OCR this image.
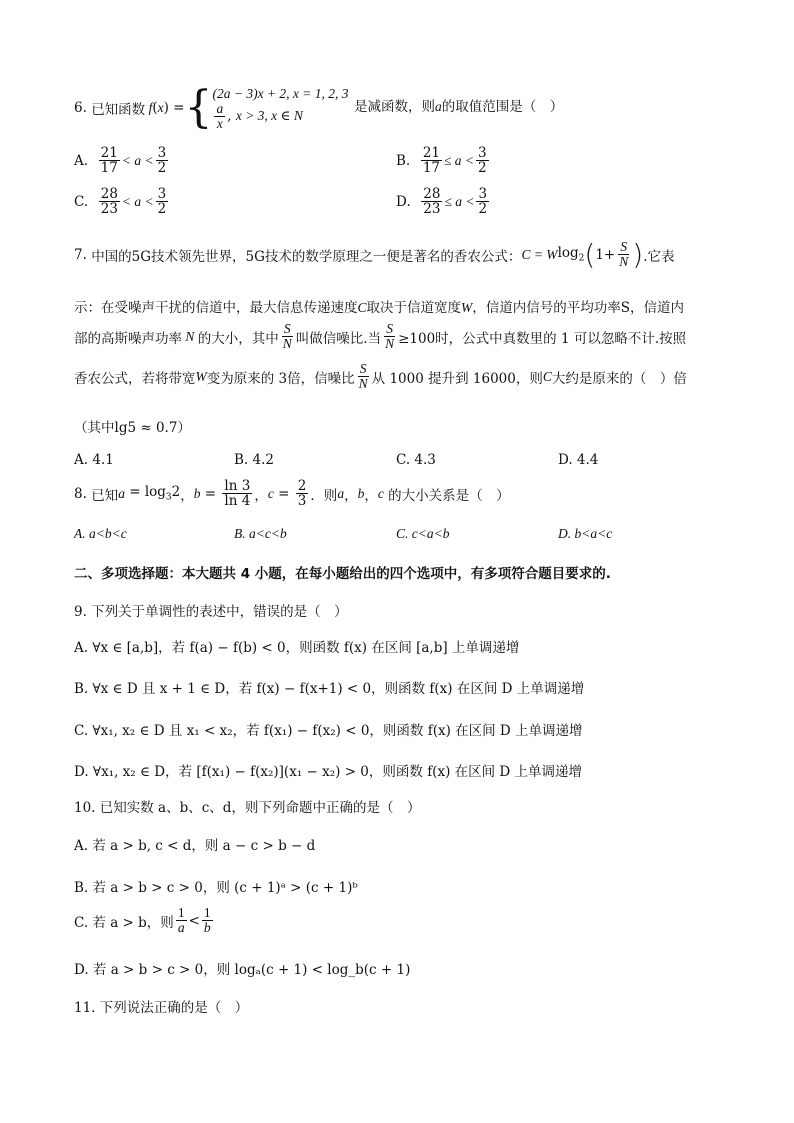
6.
已知函数 f ( x ) = { (2a − 3)x + 2, x = 1, 2, 3
$\frac{a}{x}$ , x > 3, x ∈ N
是减函数，则a的取值范围是（　）
A.
$\frac{21}{17} < a < \frac{3}{2}$	B.
$\frac{21}{17} \le a < \frac{3}{2}$
C.
$\frac{28}{23} < a < \frac{3}{2}$	D.
$\frac{28}{23} \le a < \frac{3}{2}$
7.
中国的5G技术领先世界，5G技术的数学原理之一便是著名的香农公式： C = W $\log_2$ ( $1+ \frac{S}{N}$ ) .它表
示：在受噪声干扰的信道中，最大信息传递速度C取决于信道宽度W，信道内信号的平均功率S，信道内
部的高斯噪声功率 N 的大小，其中 $\frac{S}{N}$ 叫做信噪比.当 $\frac{S}{N} \ge 100$时，公式中真数里的 1 可以忽略不计.按照
香农公式，若将带宽 W 变为原来的 3倍，信噪比 $\frac{S}{N}$ 从 1000 提升到 16000，则 C 大约是原来的（　）倍
（其中lg5 ≈ 0.7）
A. 4.1	B. 4.2	C. 4.3	D. 4.4
8.
已知 $a = \log_32$ ， $b = \frac{\ln 3}{\ln 4}$ ， $c = \frac{2}{3}$ ．则 a ， b ， c
的大小关系是（　）
A. a<b<c	B. a<c<b	C. c<a<b	D. b<a<c
二、多项选择题：本大题共 4 小题，在每小题给出的四个选项中，有多项符合题目要求的.
9. 下列关于单调性的表述中，错误的是（　）
A. ∀x ∈ [a,b]，若 f(a) − f(b) < 0，则函数 f(x) 在区间 [a,b] 上单调递增
B. ∀x ∈ D 且 x + 1 ∈ D，若 f(x) − f(x+1) < 0，则函数 f(x) 在区间 D 上单调递增
C. ∀x₁, x₂ ∈ D 且 x₁ < x₂，若 f(x₁) − f(x₂) < 0，则函数 f(x) 在区间 D 上单调递增
D. ∀x₁, x₂ ∈ D，若 [f(x₁) − f(x₂)](x₁ − x₂) > 0，则函数 f(x) 在区间 D 上单调递增
10. 已知实数 a、b、c、d，则下列命题中正确的是（　）
A. 若 a > b, c < d，则 a − c > b − d
B. 若 a > b > c > 0，则 (c + 1)ᵃ > (c + 1)ᵇ
C. 若 a > b，则 $\frac{1}{a} < \frac{1}{b}$
D. 若 a > b > c > 0，则 logₐ(c + 1) < log_b(c + 1)
11. 下列说法正确的是（　）
